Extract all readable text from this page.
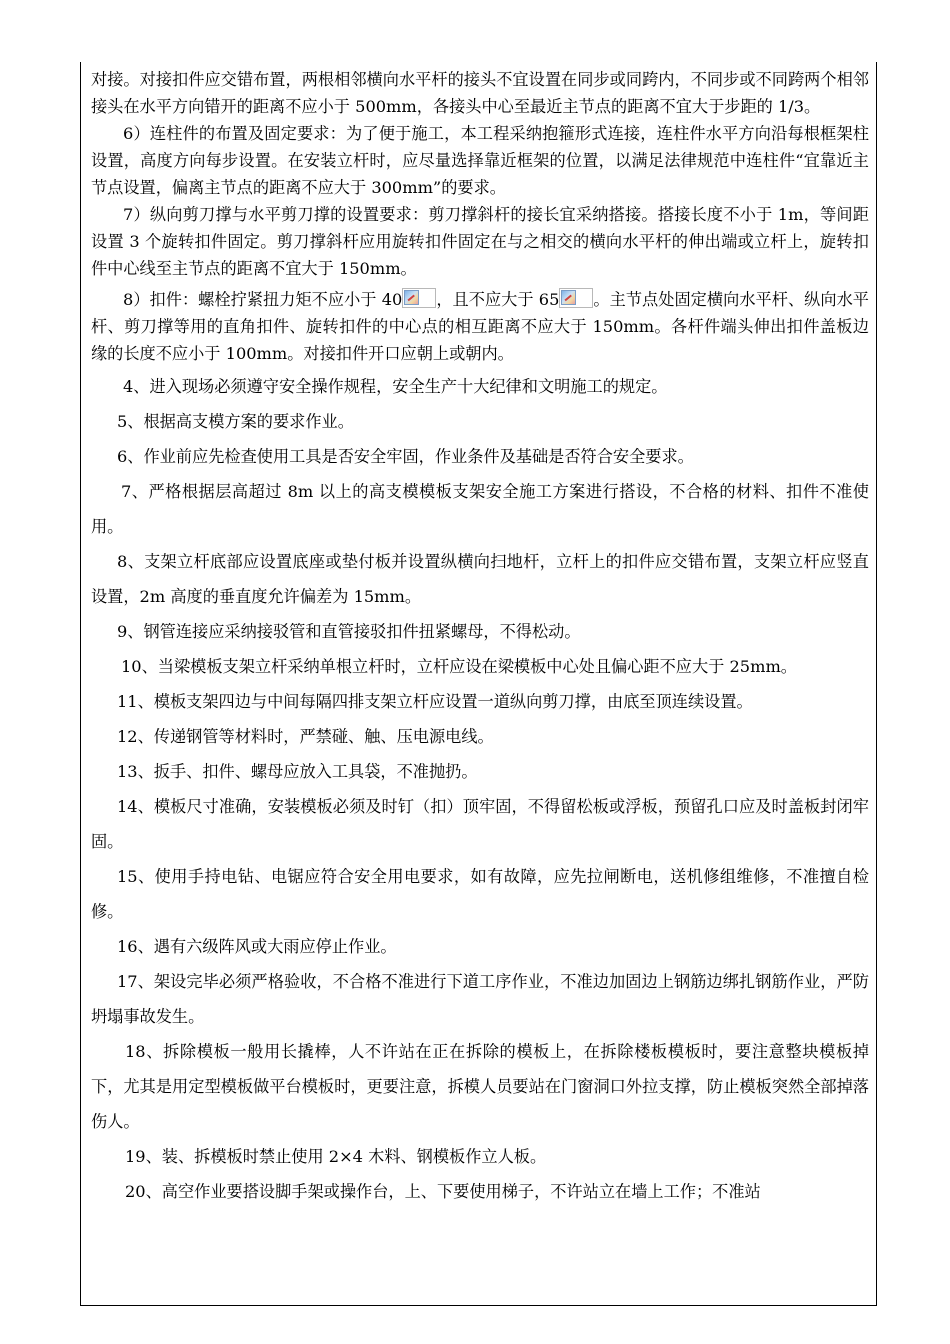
对接。对接扣件应交错布置，两根相邻横向水平杆的接头不宜设置在同步或同跨内，不同步或不同跨两个相邻接头在水平方向错开的距离不应小于 500mm，各接头中心至最近主节点的距离不宜大于步距的 1/3。

6）连柱件的布置及固定要求：为了便于施工，本工程采纳抱箍形式连接，连柱件水平方向沿每根框架柱设置，高度方向每步设置。在安装立杆时，应尽量选择靠近框架的位置，以满足法律规范中连柱件“宜靠近主节点设置，偏离主节点的距离不应大于 300mm”的要求。

7）纵向剪刀撑与水平剪刀撑的设置要求：剪刀撑斜杆的接长宜采纳搭接。搭接长度不小于 1m，等间距设置 3 个旋转扣件固定。剪刀撑斜杆应用旋转扣件固定在与之相交的横向水平杆的伸出端或立杆上，旋转扣件中心线至主节点的距离不宜大于 150mm。

8）扣件：螺栓拧紧扭力矩不应小于 40 ，且不应大于 65 。主节点处固定横向水平杆、纵向水平杆、剪刀撑等用的直角扣件、旋转扣件的中心点的相互距离不应大于 150mm。各杆件端头伸出扣件盖板边缘的长度不应小于 100mm。对接扣件开口应朝上或朝内。

4、进入现场必须遵守安全操作规程，安全生产十大纪律和文明施工的规定。

5、根据高支模方案的要求作业。

6、作业前应先检查使用工具是否安全牢固，作业条件及基础是否符合安全要求。

7、严格根据层高超过 8m 以上的高支模模板支架安全施工方案进行搭设，不合格的材料、扣件不准使用。

8、支架立杆底部应设置底座或垫付板并设置纵横向扫地杆，立杆上的扣件应交错布置，支架立杆应竖直设置，2m 高度的垂直度允许偏差为 15mm。

9、钢管连接应采纳接驳管和直管接驳扣件扭紧螺母，不得松动。

10、当梁模板支架立杆采纳单根立杆时，立杆应设在梁模板中心处且偏心距不应大于 25mm。

11、模板支架四边与中间每隔四排支架立杆应设置一道纵向剪刀撑，由底至顶连续设置。

12、传递钢管等材料时，严禁碰、触、压电源电线。

13、扳手、扣件、螺母应放入工具袋，不准抛扔。

14、模板尺寸准确，安装模板必须及时钉（扣）顶牢固，不得留松板或浮板，预留孔口应及时盖板封闭牢固。

15、使用手持电钻、电锯应符合安全用电要求，如有故障，应先拉闸断电，送机修组维修，不准擅自检修。

16、遇有六级阵风或大雨应停止作业。

17、架设完毕必须严格验收，不合格不准进行下道工序作业，不准边加固边上钢筋边绑扎钢筋作业，严防坍塌事故发生。

18、拆除模板一般用长撬棒，人不许站在正在拆除的模板上，在拆除楼板模板时，要注意整块模板掉下，尤其是用定型模板做平台模板时，更要注意，拆模人员要站在门窗洞口外拉支撑，防止模板突然全部掉落伤人。

19、装、拆模板时禁止使用 2×4 木料、钢模板作立人板。

20、高空作业要搭设脚手架或操作台，上、下要使用梯子，不许站立在墙上工作；不准站
